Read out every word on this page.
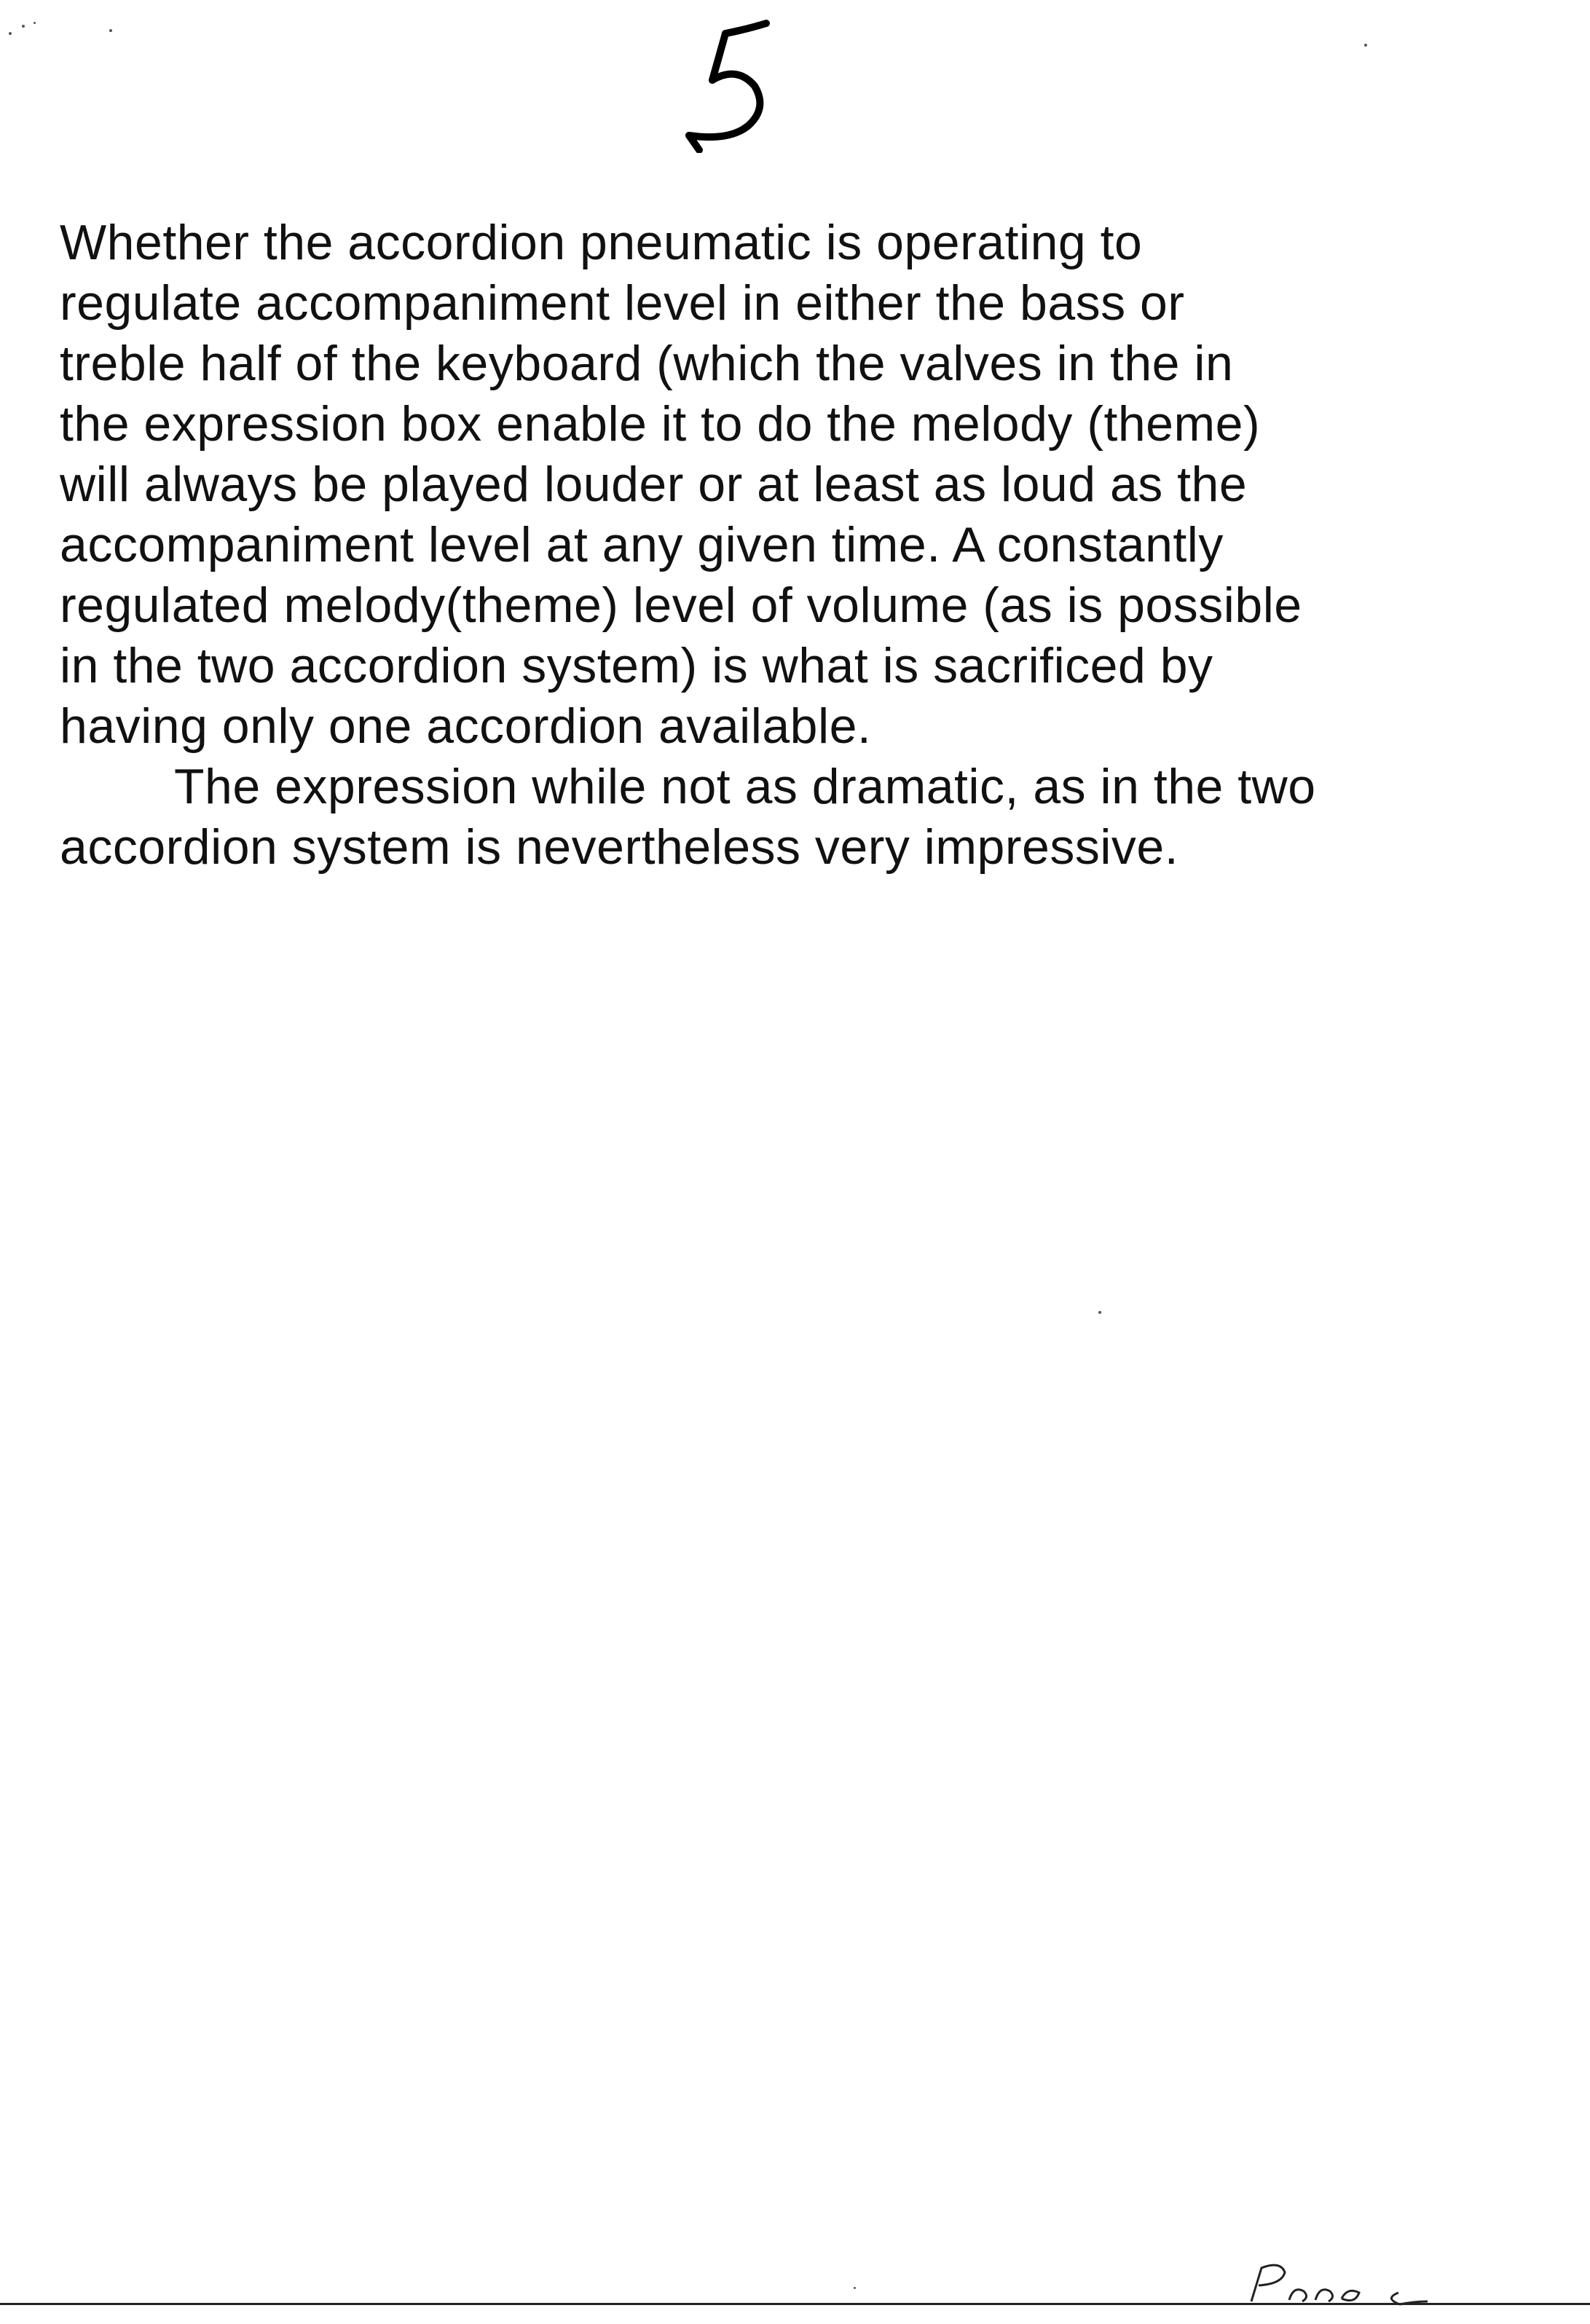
Whether the accordion pneumatic is operating to
regulate accompaniment level in either the bass or
treble half of the keyboard (which the valves in the in
the expression box enable it to do the melody (theme)
will always be played louder or at least as loud as the
accompaniment level at any given time. A constantly
regulated melody(theme) level of volume (as is possible
in the two accordion system) is what is sacrificed by
having only one accordion available.
The expression while not as dramatic, as in the two
accordion system is nevertheless very impressive.
